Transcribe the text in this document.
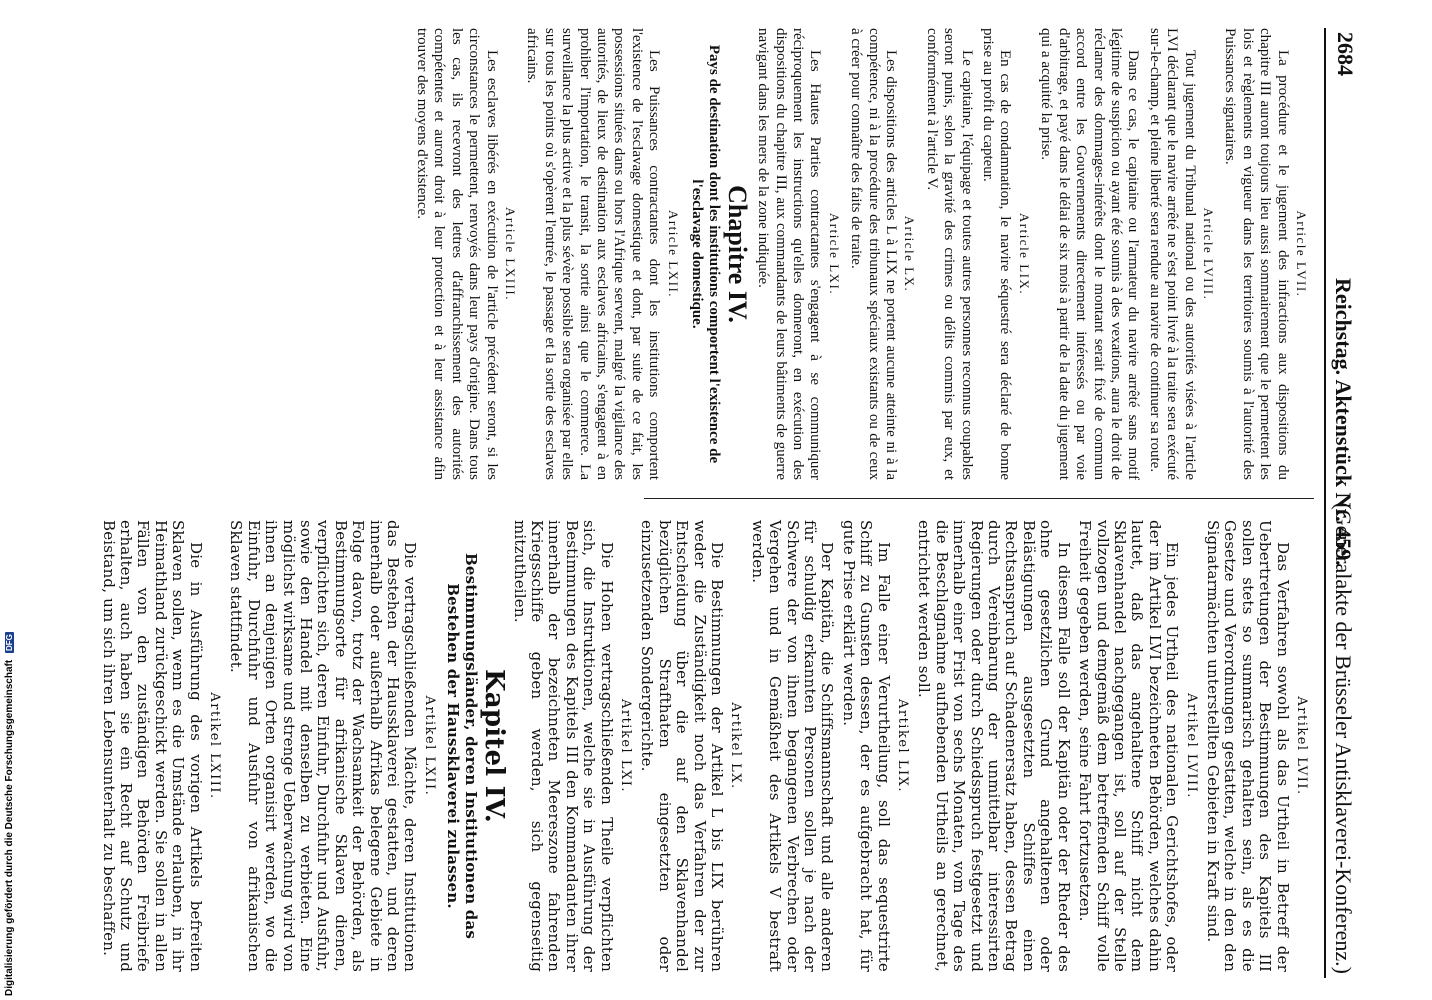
2684
Reichstag. Aktenstück Nr. 459.
(Generalakte der Brüsseler Antisklaverei-Konferenz.)

Article LVII.

La procédure et le jugement des infractions aux dispositions du chapitre III auront toujours lieu aussi sommairement que le permettent les lois et règlements en vigueur dans les territoires soumis à l'autorité des Puissances signataires.

Article LVIII.

Tout jugement du Tribunal national ou des autorités visées à l'article LVI déclarant que le navire arrêté ne s'est point livré à la traite sera exécuté sur-le-champ, et pleine liberté sera rendue au navire de continuer sa route.

Dans ce cas, le capitaine ou l'armateur du navire arrêté sans motif légitime de suspicion ou ayant été soumis à des vexations, aura le droit de réclamer des dommages-intérêts dont le montant serait fixé de commun accord entre les Gouvernements directement intéressés ou par voie d'arbitrage, et payé dans le délai de six mois à partir de la date du jugement qui a acquitté la prise.

Article LIX.

En cas de condamnation, le navire séquestré sera déclaré de bonne prise au profit du capteur.

Le capitaine, l'équipage et toutes autres personnes reconnus coupables seront punis, selon la gravité des crimes ou délits commis par eux, et conformément à l'article V.

Article LX.

Les dispositions des articles L à LIX ne portent aucune atteinte ni à la compétence, ni à la procédure des tribunaux spéciaux existants ou de ceux à créer pour connaître des faits de traite.

Article LXI.

Les Hautes Parties contractantes s'engagent à se communiquer réciproquement les instructions qu'elles donneront, en exécution des dispositions du chapitre III, aux commandants de leurs bâtiments de guerre navigant dans les mers de la zone indiquée.

Chapitre IV.

Pays de destination dont les institutions comportent l'existence de l'esclavage domestique.

Article LXII.

Les Puissances contractantes dont les institutions comportent l'existence de l'esclavage domestique et dont, par suite de ce fait, les possessions situées dans ou hors l'Afrique servent, malgré la vigilance des autorités, de lieux de destination aux esclaves africains, s'engagent à en prohiber l'importation, le transit, la sortie ainsi que le commerce. La surveillance la plus active et la plus sévère possible sera organisée par elles sur tous les points où s'opèrent l'entrée, le passage et la sortie des esclaves africains.

Article LXIII.

Les esclaves libérés en exécution de l'article précédent seront, si les circonstances le permettent, renvoyés dans leur pays d'origine. Dans tous les cas, ils recevront des lettres d'affranchissement des autorités compétentes et auront droit à leur protection et à leur assistance afin trouver des moyens d'existence.

Artikel LVII.

Das Verfahren sowohl als das Urtheil in Betreff der Uebertretungen der Bestimmungen des Kapitels III sollen stets so summarisch gehalten sein, als es die Gesetze und Verordnungen gestatten, welche in den den Signatarmächten unterstellten Gebieten in Kraft sind.

Artikel LVIII.

Ein jedes Urtheil des nationalen Gerichtshofes, oder der im Artikel LVI bezeichneten Behörden, welches dahin lautet, daß das angehaltene Schiff nicht dem Sklavenhandel nachgegangen ist, soll auf der Stelle vollzogen und demgemäß dem betreffenden Schiff volle Freiheit gegeben werden, seine Fahrt fortzusetzen.

In diesem Falle soll der Kapitän oder der Rheder des ohne gesetzlichen Grund angehaltenen oder Belästigungen ausgesetzten Schiffes einen Rechtsanspruch auf Schadenersatz haben, dessen Betrag durch Vereinbarung der unmittelbar interessirten Regierungen oder durch Schiedsspruch festgesetzt und innerhalb einer Frist von sechs Monaten, vom Tage des die Beschlagnahme aufhebenden Urtheils an gerechnet, entrichtet werden soll.

Artikel LIX.

Im Falle einer Verurtheilung, soll das sequestrirte Schiff zu Gunsten dessen, der es aufgebracht hat, für gute Prise erklärt werden.

Der Kapitän, die Schiffsmannschaft und alle anderen für schuldig erkannten Personen sollen je nach der Schwere der von ihnen begangenen Verbrechen oder Vergehen und in Gemäßheit des Artikels V bestraft werden.

Artikel LX.

Die Bestimmungen der Artikel L bis LIX berühren weder die Zuständigkeit noch das Verfahren der zur Entscheidung über die auf den Sklavenhandel bezüglichen Strafthaten eingesetzten oder einzusetzenden Sondergerichte.

Artikel LXI.

Die Hohen vertragschließenden Theile verpflichten sich, die Instruktionen, welche sie in Ausführung der Bestimmungen des Kapitels III den Kommandanten ihrer innerhalb der bezeichneten Meereszone fahrenden Kriegsschiffe geben werden, sich gegenseitig mitzutheilen.

Kapitel IV.

Bestimmungsländer, deren Institutionen das Bestehen der Haussklaverei zulassen.

Artikel LXII.

Die vertragschließenden Mächte, deren Institutionen das Bestehen der Haussklaverei gestatten, und deren innerhalb oder außerhalb Afrikas belegene Gebiete in Folge davon, trotz der Wachsamkeit der Behörden, als Bestimmungsorte für afrikanische Sklaven dienen, verpflichten sich, deren Einfuhr, Durchfuhr und Ausfuhr, sowie den Handel mit denselben zu verbieten. Eine möglichst wirksame und strenge Ueberwachung wird von ihnen an denjenigen Orten organisirt werden, wo die Einfuhr, Durchfuhr und Ausfuhr von afrikanischen Sklaven stattfindet.

Artikel LXIII.

Die in Ausführung des vorigen Artikels befreiten Sklaven sollen, wenn es die Umstände erlauben, in ihr Heimathland zurückgeschickt werden. Sie sollen in allen Fällen von den zuständigen Behörden Freibriefe erhalten, auch haben sie ein Recht auf Schutz und Beistand, um sich ihren Lebensunterhalt zu beschaffen.

Digitalisierung gefördert durch die Deutsche Forschungsgemeinschaft DFG
